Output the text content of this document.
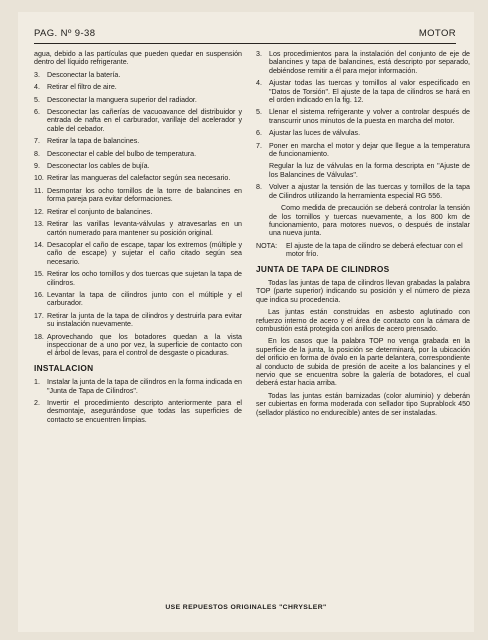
PAG. Nº 9-38	MOTOR

agua, debido a las partículas que pueden quedar en suspensión dentro del líquido refrigerante.

3. Desconectar la batería.
4. Retirar el filtro de aire.
5. Desconectar la manguera superior del radiador.
6. Desconectar las cañerías de vacuoavance del distribuidor y entrada de nafta en el carburador, varillaje del acelerador y cable del cebador.
7. Retirar la tapa de balancines.
8. Desconectar el cable del bulbo de temperatura.
9. Desconectar los cables de bujía.
10. Retirar las mangueras del calefactor según sea necesario.
11. Desmontar los ocho tornillos de la torre de balancines en forma pareja para evitar deformaciones.
12. Retirar el conjunto de balancines.
13. Retirar las varillas levanta-válvulas y atravesarlas en un cartón numerado para mantener su posición original.
14. Desacoplar el caño de escape, tapar los extremos (múltiple y caño de escape) y sujetar el caño citado según sea necesario.
15. Retirar los ocho tornillos y dos tuercas que sujetan la tapa de cilindros.
16. Levantar la tapa de cilindros junto con el múltiple y el carburador.
17. Retirar la junta de la tapa de cilindros y destruirla para evitar su instalación nuevamente.
18. Aprovechando que los botadores quedan a la vista inspeccionar de a uno por vez, la superficie de contacto con el árbol de levas, para el control de desgaste o picaduras.
INSTALACION
1. Instalar la junta de la tapa de cilindros en la forma indicada en "Junta de Tapa de Cilindros".
2. Invertir el procedimiento descripto anteriormente para el desmontaje, asegurándose que todas las superficies de contacto se encuentren limpias.
3. Los procedimientos para la instalación del conjunto de eje de balancines y tapa de balancines, está descripto por separado, debiéndose remitir a él para mejor información.
4. Ajustar todas las tuercas y tornillos al valor especificado en "Datos de Torsión". El ajuste de la tapa de cilindros se hará en el orden indicado en la fig. 12.
5. Llenar el sistema refrigerante y volver a controlar después de transcurrir unos minutos de la puesta en marcha del motor.
6. Ajustar las luces de válvulas.
7. Poner en marcha el motor y dejar que llegue a la temperatura de funcionamiento.

Regular la luz de válvulas en la forma descripta en "Ajuste de los Balancines de Válvulas".

8. Volver a ajustar la tensión de las tuercas y tornillos de la tapa de Cilindros utilizando la herramienta especial RG 556.

Como medida de precaución se deberá controlar la tensión de los tornillos y tuercas nuevamente, a los 800 km de funcionamiento, para motores nuevos, o después de instalar una nueva junta.

NOTA: El ajuste de la tapa de cilindro se deberá efectuar con el motor frío.
JUNTA DE TAPA DE CILINDROS

Todas las juntas de tapa de cilindros llevan grabadas la palabra TOP (parte superior) indicando su posición y el número de pieza que indica su procedencia.

Las juntas están construidas en asbesto aglutinado con refuerzo interno de acero y el área de contacto con la cámara de combustión está protegida con anillos de acero prensado.

En los casos que la palabra TOP no venga grabada en la superficie de la junta, la posición se determinará, por la ubicación del orificio en forma de óvalo en la parte delantera, correspondiente al conducto de subida de presión de aceite a los balancines y el nervio que se encuentra sobre la galería de botadores, el cual deberá estar hacia arriba.

Todas las juntas están barnizadas (color aluminio) y deberán ser cubiertas en forma moderada con sellador tipo Suprablock 450 (sellador plástico no endurecible) antes de ser instaladas.

USE REPUESTOS ORIGINALES "CHRYSLER"
